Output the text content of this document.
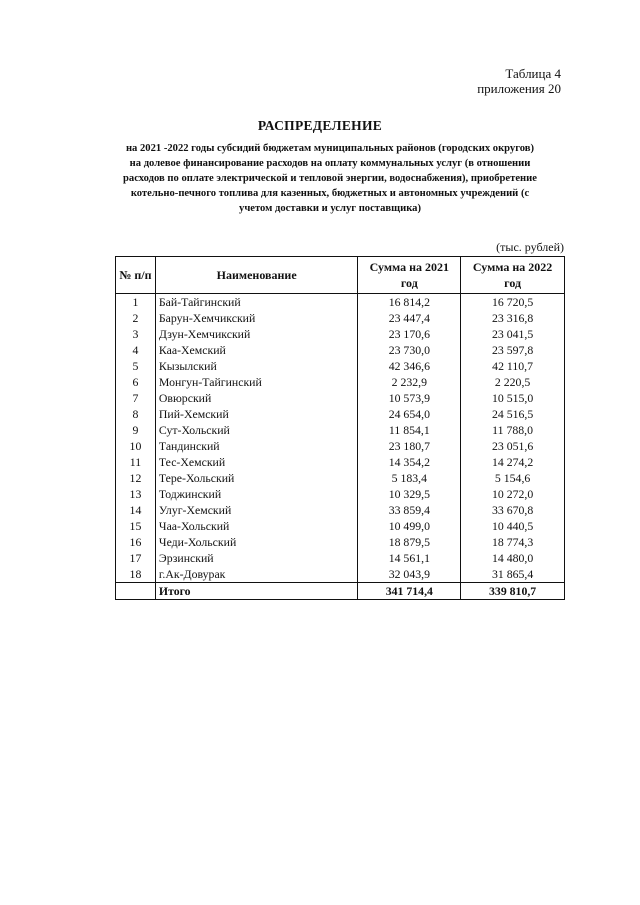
Таблица 4
приложения 20
РАСПРЕДЕЛЕНИЕ
на 2021 -2022 годы субсидий бюджетам муниципальных районов (городских округов)
на долевое финансирование расходов на оплату коммунальных услуг (в отношении
расходов по оплате электрической и тепловой энергии, водоснабжения), приобретение
котельно-печного топлива для казенных, бюджетных и автономных учреждений (с
учетом доставки и услуг поставщика)
(тыс. рублей)
№ п/п	Наименование	Сумма на 2021 год	Сумма на 2022 год
1	Бай-Тайгинский	16 814,2	16 720,5
2	Барун-Хемчикский	23 447,4	23 316,8
3	Дзун-Хемчикский	23 170,6	23 041,5
4	Каа-Хемский	23 730,0	23 597,8
5	Кызылский	42 346,6	42 110,7
6	Монгун-Тайгинский	2 232,9	2 220,5
7	Овюрский	10 573,9	10 515,0
8	Пий-Хемский	24 654,0	24 516,5
9	Сут-Хольский	11 854,1	11 788,0
10	Тандинский	23 180,7	23 051,6
11	Тес-Хемский	14 354,2	14 274,2
12	Тере-Хольский	5 183,4	5 154,6
13	Тоджинский	10 329,5	10 272,0
14	Улуг-Хемский	33 859,4	33 670,8
15	Чаа-Хольский	10 499,0	10 440,5
16	Чеди-Хольский	18 879,5	18 774,3
17	Эрзинский	14 561,1	14 480,0
18	г.Ак-Довурак	32 043,9	31 865,4
	Итого	341 714,4	339 810,7
